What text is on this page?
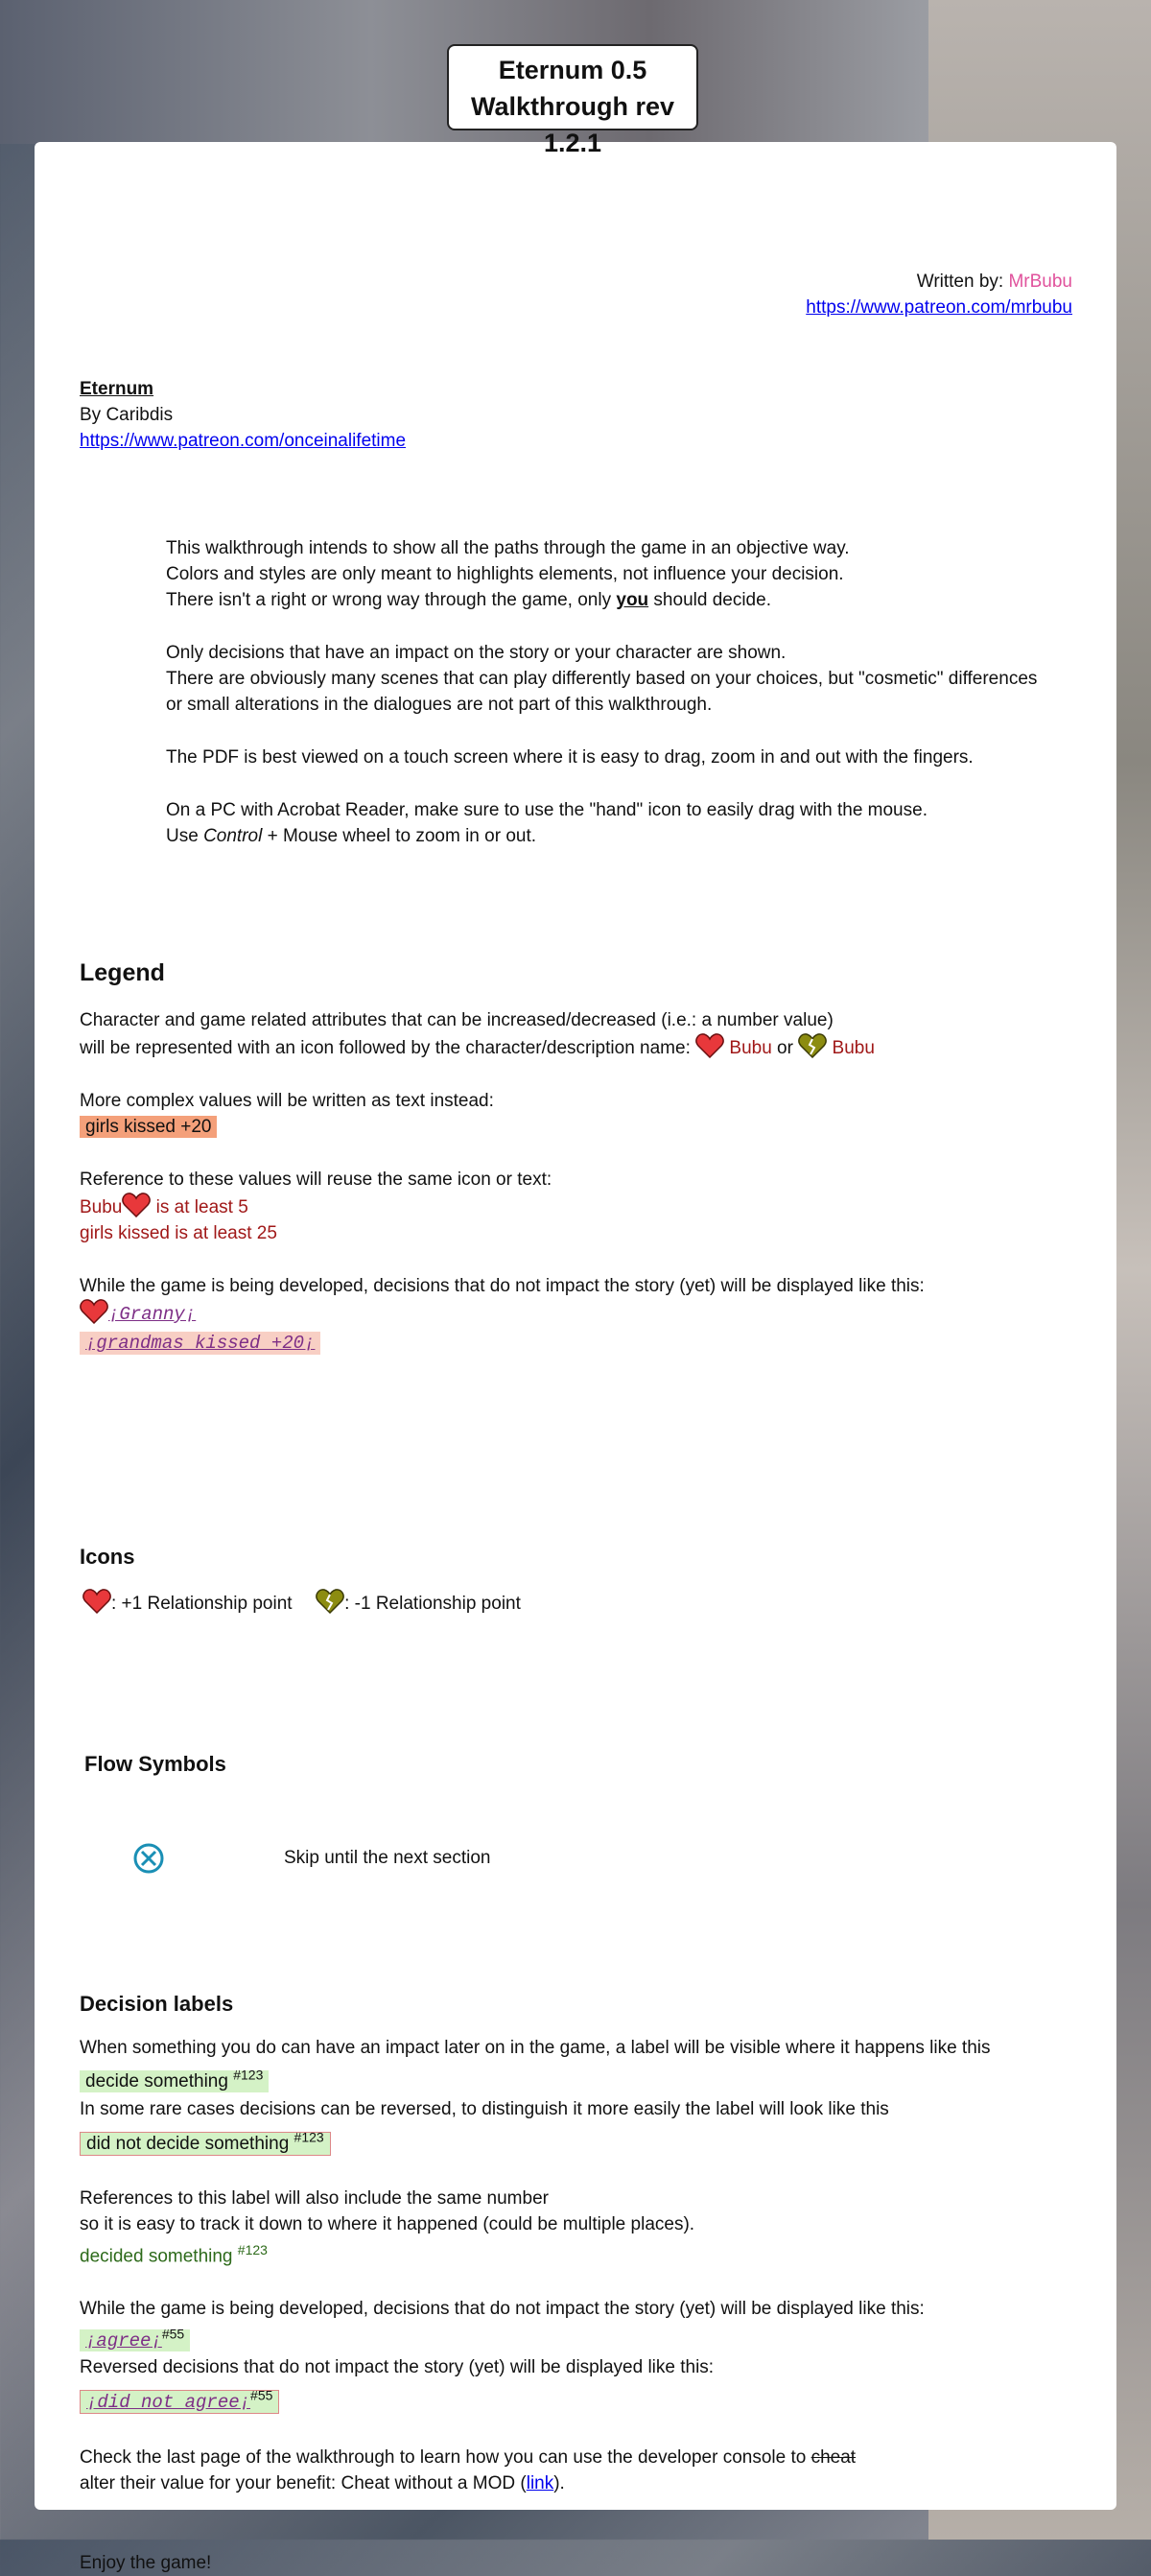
Eternum 0.5
Walkthrough rev 1.2.1
Written by: MrBubu
https://www.patreon.com/mrbubu
Eternum
By Caribdis
https://www.patreon.com/onceinalifetime
This walkthrough intends to show all the paths through the game in an objective way.
Colors and styles are only meant to highlights elements, not influence your decision.
There isn't a right or wrong way through the game, only you should decide.
Only decisions that have an impact on the story or your character are shown.
There are obviously many scenes that can play differently based on your choices, but "cosmetic" differences
or small alterations in the dialogues are not part of this walkthrough.
The PDF is best viewed on a touch screen where it is easy to drag, zoom in and out with the fingers.
On a PC with Acrobat Reader, make sure to use the "hand" icon to easily drag with the mouse.
Use Control + Mouse wheel to zoom in or out.
Legend
Character and game related attributes that can be increased/decreased (i.e.: a number value)
will be represented with an icon followed by the character/description name:  Bubu or  Bubu
More complex values will be written as text instead:
girls kissed +20
Reference to these values will reuse the same icon or text:
Bubu is at least 5
girls kissed is at least 25
While the game is being developed, decisions that do not impact the story (yet) will be displayed like this:
¡Granny¡
¡grandmas kissed +20¡
Icons
: +1 Relationship point	: -1 Relationship point
Flow Symbols
Skip until the next section
Decision labels
When something you do can have an impact later on in the game, a label will be visible where it happens like this
decide something $^{\#123}$
In some rare cases decisions can be reversed, to distinguish it more easily the label will look like this
did not decide something $^{\#123}$
References to this label will also include the same number
so it is easy to track it down to where it happened (could be multiple places).
decided something $^{\#123}$
While the game is being developed, decisions that do not impact the story (yet) will be displayed like this:
¡agree¡$^{\#55}$
Reversed decisions that do not impact the story (yet) will be displayed like this:
¡did not agree¡$^{\#55}$
Check the last page of the walkthrough to learn how you can use the developer console to cheat
alter their value for your benefit: Cheat without a MOD (link).
Enjoy the game!
